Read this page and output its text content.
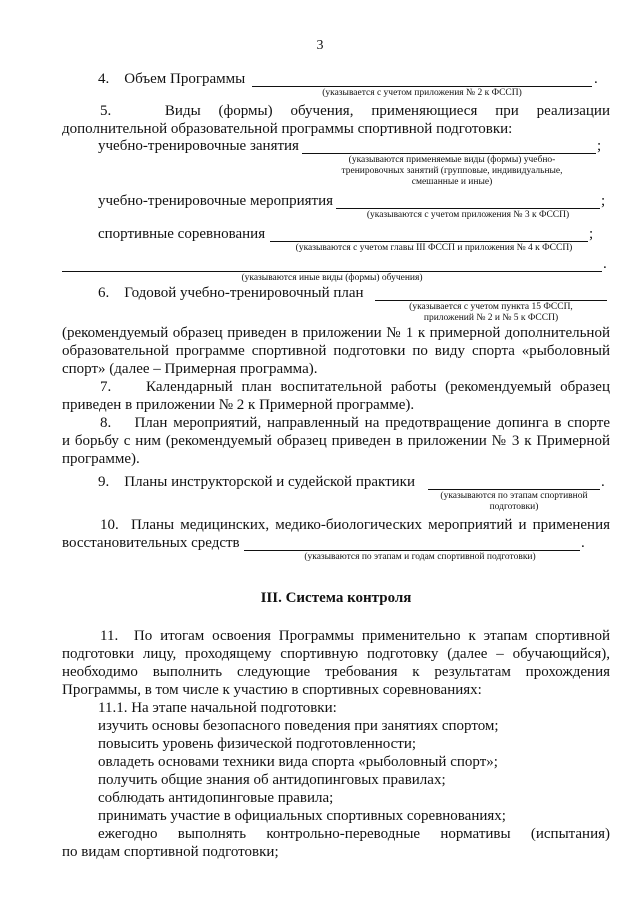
3
4.    Объем Программы	.
(указывается с учетом приложения № 2 к ФССП)
5.   Виды (формы) обучения, применяющиеся при реализации
дополнительной образовательной программы спортивной подготовки:
учебно-тренировочные занятия	;
(указываются применяемые виды (формы) учебно-
тренировочных занятий (групповые, индивидуальные,
смешанные и иные)
учебно-тренировочные мероприятия	;
(указываются с учетом приложения № 3 к ФССП)
спортивные соревнования	;
(указываются с учетом главы III ФССП и приложения № 4 к ФССП)
.
(указываются иные виды (формы) обучения)
6.    Годовой учебно-тренировочный план
(указывается с учетом пункта 15 ФССП,
приложений № 2 и № 5 к ФССП)
(рекомендуемый образец приведен в приложении № 1 к примерной дополнительной
образовательной программе спортивной подготовки по виду спорта «рыболовный
спорт» (далее – Примерная программа).
7.    Календарный план воспитательной работы (рекомендуемый образец
приведен в приложении № 2 к Примерной программе).
8.    План мероприятий, направленный на предотвращение допинга в спорте
и борьбу с ним (рекомендуемый образец приведен в приложении № 3 к Примерной
программе).
9.    Планы инструкторской и судейской практики	.
(указываются по этапам спортивной
подготовки)
10.  Планы медицинских, медико-биологических мероприятий и применения
восстановительных средств	.
(указываются по этапам и годам спортивной подготовки)
III. Система контроля
11.  По итогам освоения Программы применительно к этапам спортивной
подготовки лицу, проходящему спортивную подготовку (далее – обучающийся),
необходимо выполнить следующие требования к результатам прохождения
Программы, в том числе к участию в спортивных соревнованиях:
11.1. На этапе начальной подготовки:
изучить основы безопасного поведения при занятиях спортом;
повысить уровень физической подготовленности;
овладеть основами техники вида спорта «рыболовный спорт»;
получить общие знания об антидопинговых правилах;
соблюдать антидопинговые правила;
принимать участие в официальных спортивных соревнованиях;
ежегодно выполнять контрольно-переводные нормативы (испытания)
по видам спортивной подготовки;
